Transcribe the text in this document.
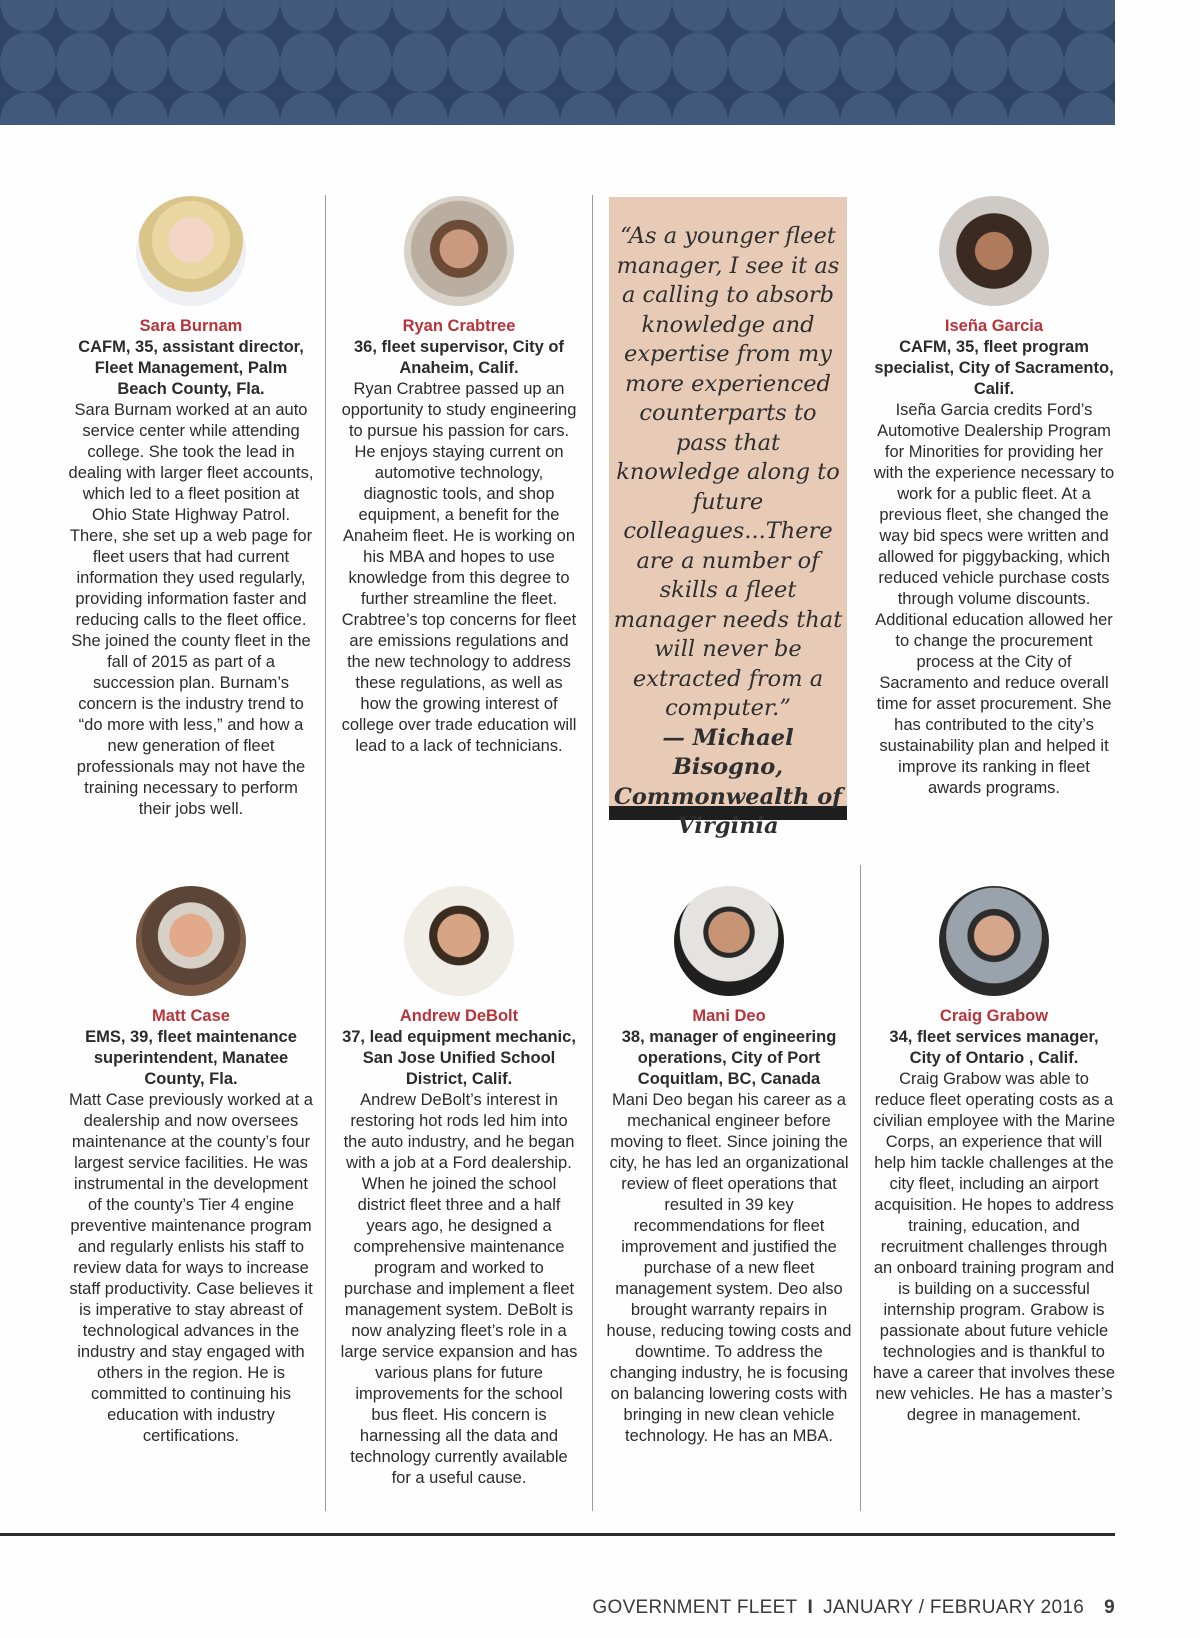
Sara Burnam
CAFM, 35, assistant director, Fleet Management, Palm Beach County, Fla.
Sara Burnam worked at an auto service center while attending college. She took the lead in dealing with larger fleet accounts, which led to a fleet position at Ohio State Highway Patrol. There, she set up a web page for fleet users that had current information they used regularly, providing information faster and reducing calls to the fleet office. She joined the county fleet in the fall of 2015 as part of a succession plan. Burnam’s concern is the industry trend to “do more with less,” and how a new generation of fleet professionals may not have the training necessary to perform their jobs well.
Ryan Crabtree
36, fleet supervisor, City of Anaheim, Calif.
Ryan Crabtree passed up an opportunity to study engineering to pursue his passion for cars. He enjoys staying current on automotive technology, diagnostic tools, and shop equipment, a benefit for the Anaheim fleet. He is working on his MBA and hopes to use knowledge from this degree to further streamline the fleet. Crabtree’s top concerns for fleet are emissions regulations and the new technology to address these regulations, as well as how the growing interest of college over trade education will lead to a lack of technicians.
“As a younger fleet manager, I see it as a calling to absorb knowledge and expertise from my more experienced counterparts to pass that knowledge along to future colleagues...There are a number of skills a fleet manager needs that will never be extracted from a computer.”
— Michael Bisogno, Commonwealth of Virginia
Iseña Garcia
CAFM, 35, fleet program specialist, City of Sacramento, Calif.
Iseña Garcia credits Ford’s Automotive Dealership Program for Minorities for providing her with the experience necessary to work for a public fleet. At a previous fleet, she changed the way bid specs were written and allowed for piggybacking, which reduced vehicle purchase costs through volume discounts. Additional education allowed her to change the procurement process at the City of Sacramento and reduce overall time for asset procurement. She has contributed to the city’s sustainability plan and helped it improve its ranking in fleet awards programs.
Matt Case
EMS, 39, fleet maintenance superintendent, Manatee County, Fla.
Matt Case previously worked at a dealership and now oversees maintenance at the county’s four largest service facilities. He was instrumental in the development of the county’s Tier 4 engine preventive maintenance program and regularly enlists his staff to review data for ways to increase staff productivity. Case believes it is imperative to stay abreast of technological advances in the industry and stay engaged with others in the region. He is committed to continuing his education with industry certifications.
Andrew DeBolt
37, lead equipment mechanic, San Jose Unified School District, Calif.
Andrew DeBolt’s interest in restoring hot rods led him into the auto industry, and he began with a job at a Ford dealership. When he joined the school district fleet three and a half years ago, he designed a comprehensive maintenance program and worked to purchase and implement a fleet management system. DeBolt is now analyzing fleet’s role in a large service expansion and has various plans for future improvements for the school bus fleet. His concern is harnessing all the data and technology currently available for a useful cause.
Mani Deo
38, manager of engineering operations, City of Port Coquitlam, BC, Canada
Mani Deo began his career as a mechanical engineer before moving to fleet. Since joining the city, he has led an organizational review of fleet operations that resulted in 39 key recommendations for fleet improvement and justified the purchase of a new fleet management system. Deo also brought warranty repairs in house, reducing towing costs and downtime. To address the changing industry, he is focusing on balancing lowering costs with bringing in new clean vehicle technology. He has an MBA.
Craig Grabow
34, fleet services manager, City of Ontario , Calif.
Craig Grabow was able to reduce fleet operating costs as a civilian employee with the Marine Corps, an experience that will help him tackle challenges at the city fleet, including an airport acquisition. He hopes to address training, education, and recruitment challenges through an onboard training program and is building on a successful internship program. Grabow is passionate about future vehicle technologies and is thankful to have a career that involves these new vehicles. He has a master’s degree in management.
GOVERNMENT FLEET I JANUARY / FEBRUARY 2016 9
